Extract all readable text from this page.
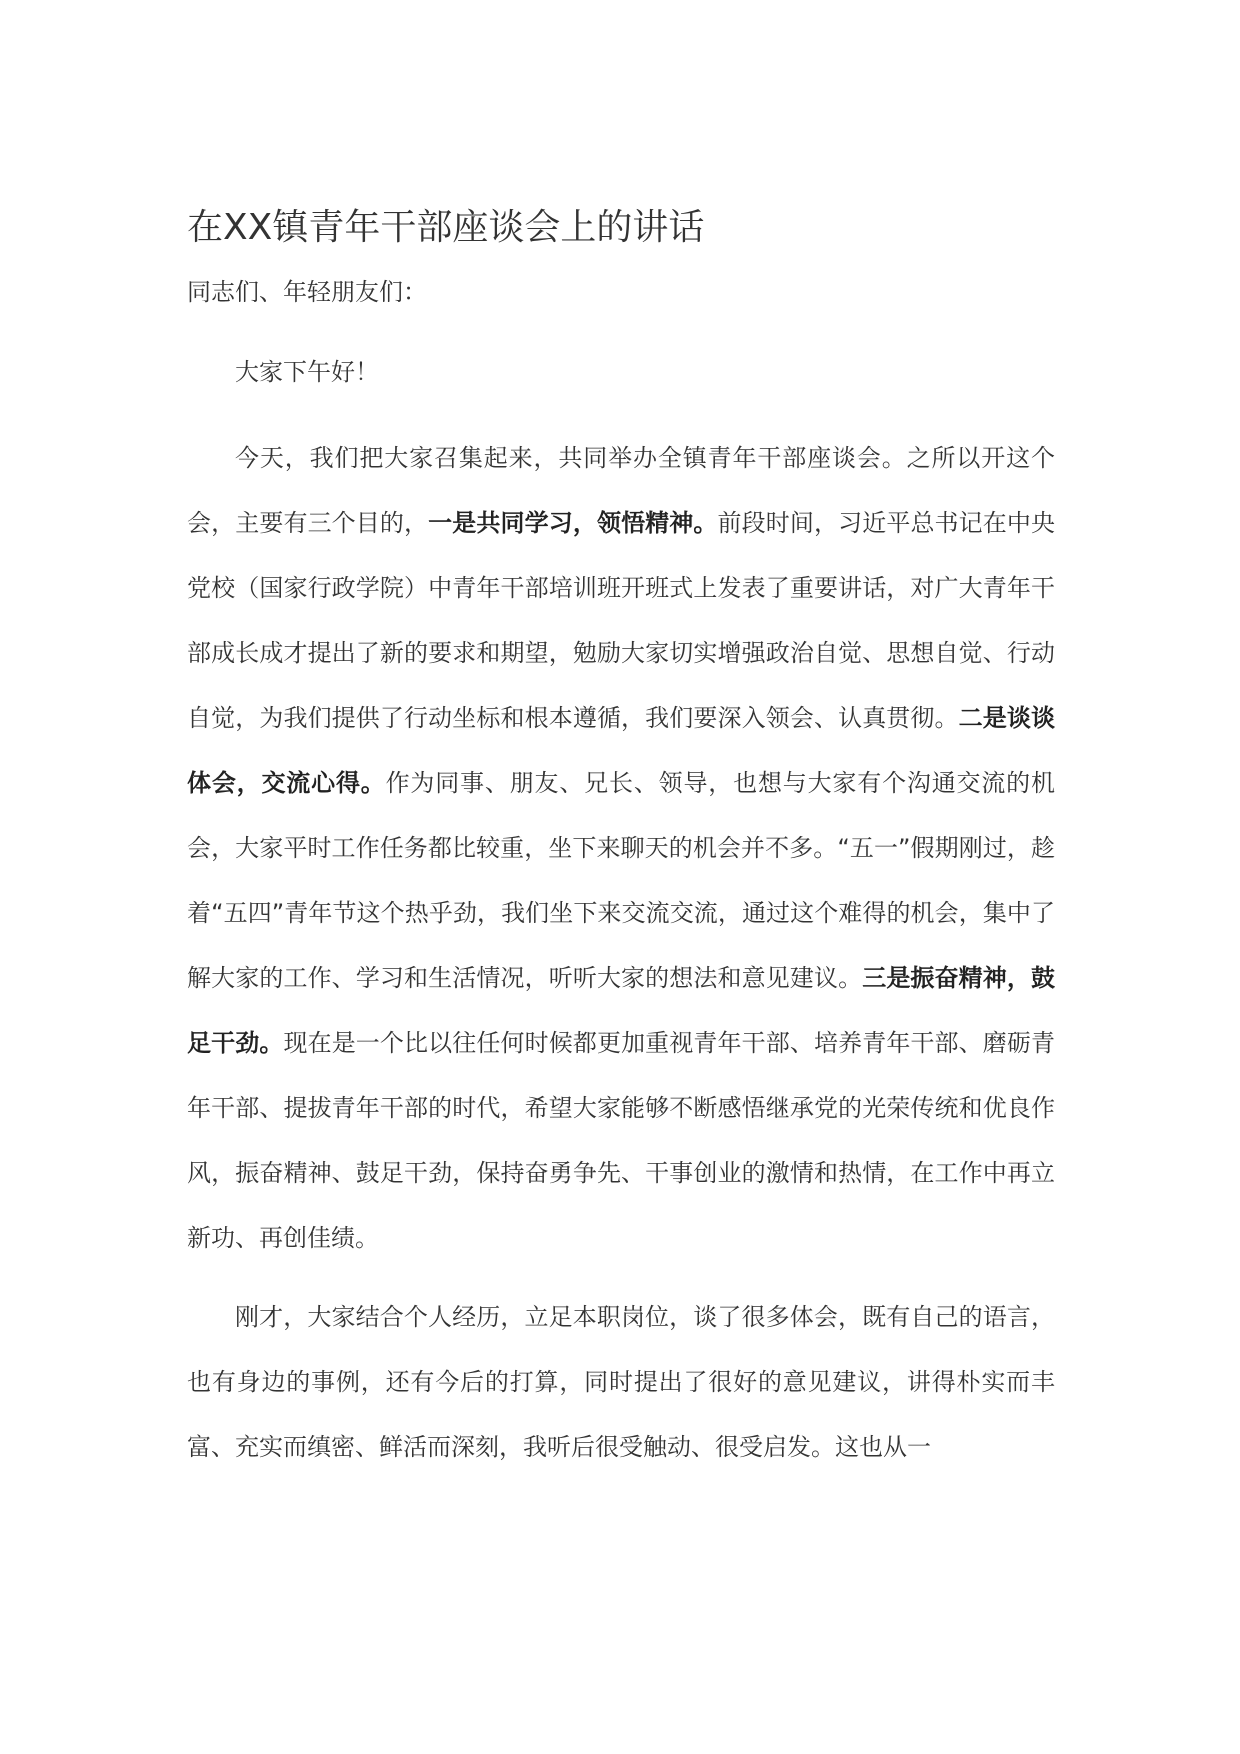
在XX镇青年干部座谈会上的讲话

同志们、年轻朋友们：

大家下午好！

今天，我们把大家召集起来，共同举办全镇青年干部座谈会。之所以开这个会，主要有三个目的，一是共同学习，领悟精神。前段时间，习近平总书记在中央党校（国家行政学院）中青年干部培训班开班式上发表了重要讲话，对广大青年干部成长成才提出了新的要求和期望，勉励大家切实增强政治自觉、思想自觉、行动自觉，为我们提供了行动坐标和根本遵循，我们要深入领会、认真贯彻。二是谈谈体会，交流心得。作为同事、朋友、兄长、领导，也想与大家有个沟通交流的机会，大家平时工作任务都比较重，坐下来聊天的机会并不多。“五一”假期刚过，趁着“五四”青年节这个热乎劲，我们坐下来交流交流，通过这个难得的机会，集中了解大家的工作、学习和生活情况，听听大家的想法和意见建议。三是振奋精神，鼓足干劲。现在是一个比以往任何时候都更加重视青年干部、培养青年干部、磨砺青年干部、提拔青年干部的时代，希望大家能够不断感悟继承党的光荣传统和优良作风，振奋精神、鼓足干劲，保持奋勇争先、干事创业的激情和热情，在工作中再立新功、再创佳绩。

刚才，大家结合个人经历，立足本职岗位，谈了很多体会，既有自己的语言，也有身边的事例，还有今后的打算，同时提出了很好的意见建议，讲得朴实而丰富、充实而缜密、鲜活而深刻，我听后很受触动、很受启发。这也从一
